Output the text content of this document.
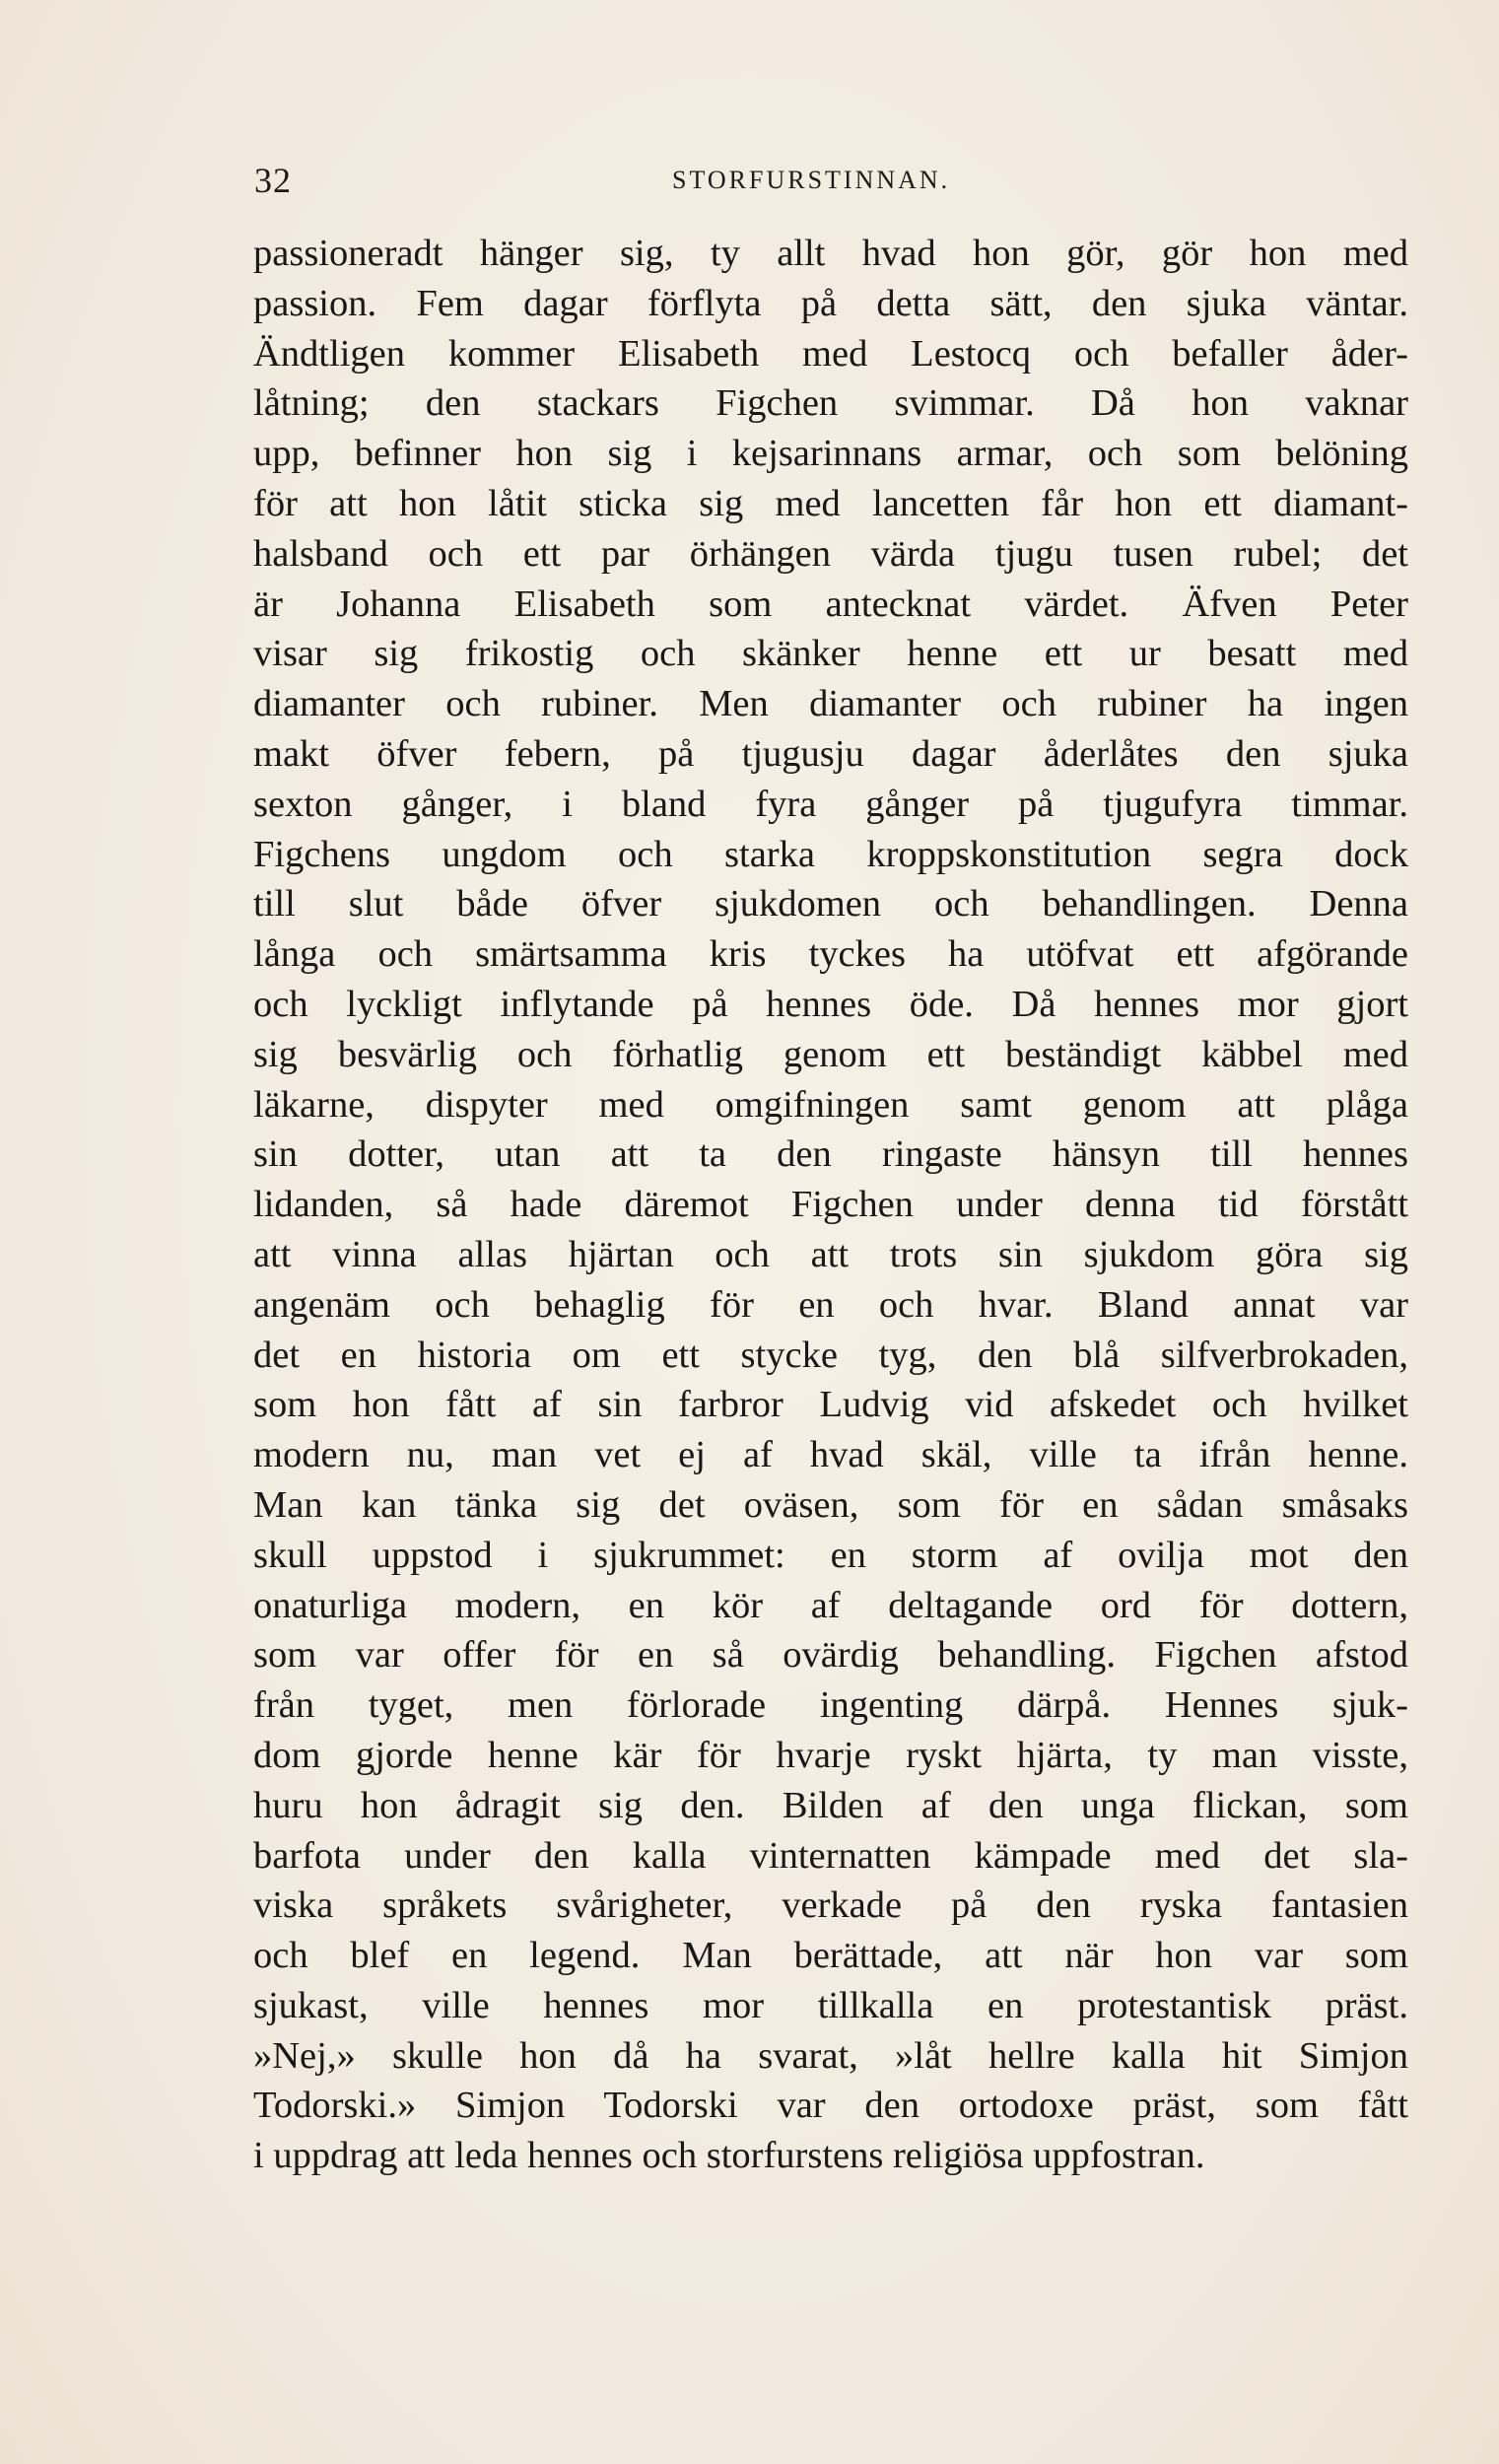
32	STORFURSTINNAN.
passioneradt hänger sig, ty allt hvad hon gör, gör hon med
passion. Fem dagar förflyta på detta sätt, den sjuka väntar.
Ändtligen kommer Elisabeth med Lestocq och befaller åder-
låtning; den stackars Figchen svimmar. Då hon vaknar
upp, befinner hon sig i kejsarinnans armar, och som belöning
för att hon låtit sticka sig med lancetten får hon ett diamant-
halsband och ett par örhängen värda tjugu tusen rubel; det
är Johanna Elisabeth som antecknat värdet. Äfven Peter
visar sig frikostig och skänker henne ett ur besatt med
diamanter och rubiner. Men diamanter och rubiner ha ingen
makt öfver febern, på tjugusju dagar åderlåtes den sjuka
sexton gånger, i bland fyra gånger på tjugufyra timmar.
Figchens ungdom och starka kroppskonstitution segra dock
till slut både öfver sjukdomen och behandlingen. Denna
långa och smärtsamma kris tyckes ha utöfvat ett afgörande
och lyckligt inflytande på hennes öde. Då hennes mor gjort
sig besvärlig och förhatlig genom ett beständigt käbbel med
läkarne, dispyter med omgifningen samt genom att plåga
sin dotter, utan att ta den ringaste hänsyn till hennes
lidanden, så hade däremot Figchen under denna tid förstått
att vinna allas hjärtan och att trots sin sjukdom göra sig
angenäm och behaglig för en och hvar. Bland annat var
det en historia om ett stycke tyg, den blå silfverbrokaden,
som hon fått af sin farbror Ludvig vid afskedet och hvilket
modern nu, man vet ej af hvad skäl, ville ta ifrån henne.
Man kan tänka sig det oväsen, som för en sådan småsaks
skull uppstod i sjukrummet: en storm af ovilja mot den
onaturliga modern, en kör af deltagande ord för dottern,
som var offer för en så ovärdig behandling. Figchen afstod
från tyget, men förlorade ingenting därpå. Hennes sjuk-
dom gjorde henne kär för hvarje ryskt hjärta, ty man visste,
huru hon ådragit sig den. Bilden af den unga flickan, som
barfota under den kalla vinternatten kämpade med det sla-
viska språkets svårigheter, verkade på den ryska fantasien
och blef en legend. Man berättade, att när hon var som
sjukast, ville hennes mor tillkalla en protestantisk präst.
»Nej,» skulle hon då ha svarat, »låt hellre kalla hit Simjon
Todorski.» Simjon Todorski var den ortodoxe präst, som fått
i uppdrag att leda hennes och storfurstens religiösa uppfostran.
